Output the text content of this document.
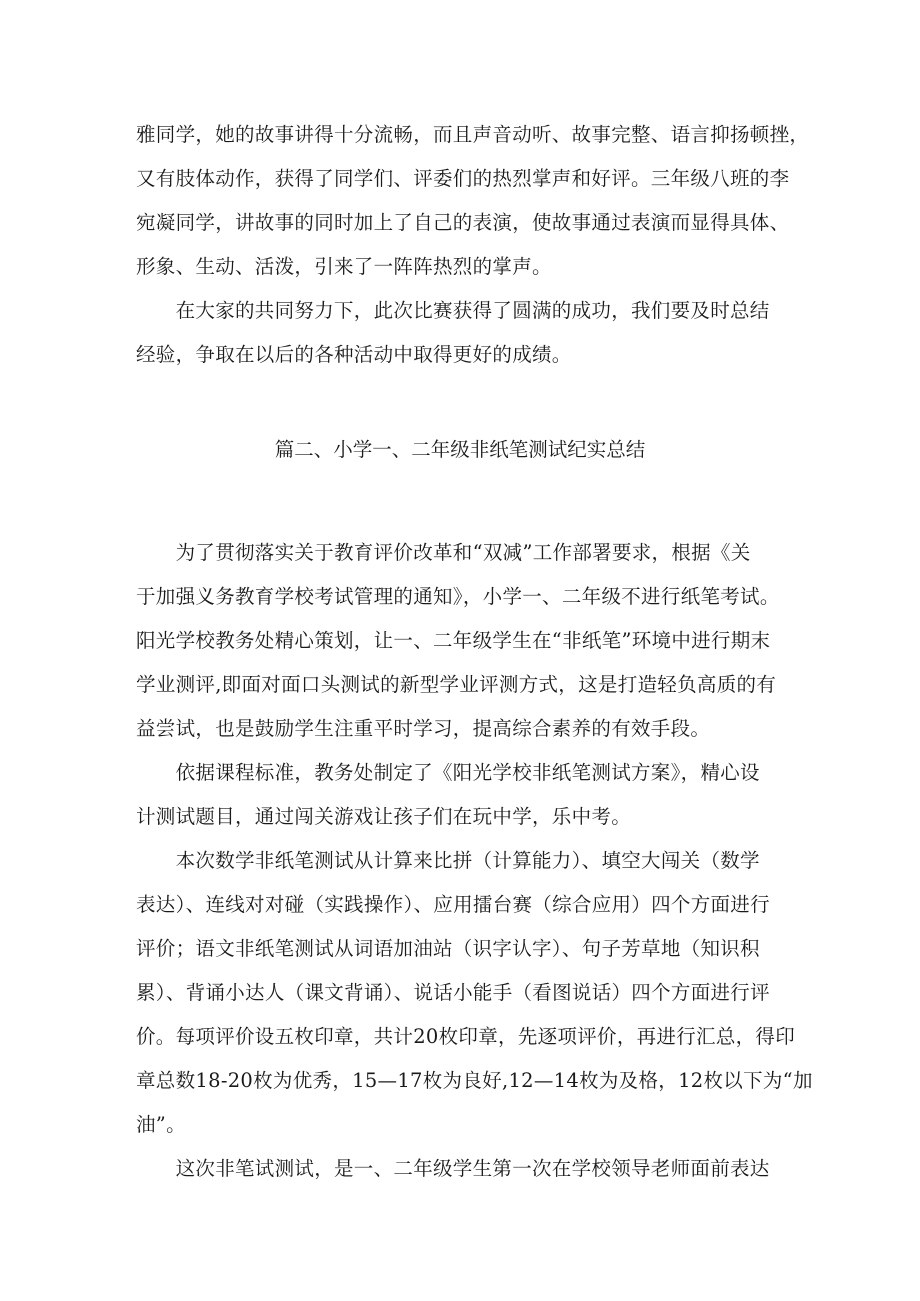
雅同学，她的故事讲得十分流畅，而且声音动听、故事完整、语言抑扬顿挫，
又有肢体动作，获得了同学们、评委们的热烈掌声和好评。三年级八班的李
宛凝同学，讲故事的同时加上了自己的表演，使故事通过表演而显得具体、
形象、生动、活泼，引来了一阵阵热烈的掌声。
　　在大家的共同努力下，此次比赛获得了圆满的成功，我们要及时总结
经验，争取在以后的各种活动中取得更好的成绩。
篇二、小学一、二年级非纸笔测试纪实总结
　　为了贯彻落实关于教育评价改革和“双减”工作部署要求，根据《关
于加强义务教育学校考试管理的通知》，小学一、二年级不进行纸笔考试。
阳光学校教务处精心策划，让一、二年级学生在“非纸笔”环境中进行期末
学业测评,即面对面口头测试的新型学业评测方式，这是打造轻负高质的有
益尝试，也是鼓励学生注重平时学习，提高综合素养的有效手段。
　　依据课程标准，教务处制定了《阳光学校非纸笔测试方案》，精心设
计测试题目，通过闯关游戏让孩子们在玩中学，乐中考。
　　本次数学非纸笔测试从计算来比拼（计算能力）、填空大闯关（数学
表达）、连线对对碰（实践操作）、应用擂台赛（综合应用）四个方面进行
评价；语文非纸笔测试从词语加油站（识字认字）、句子芳草地（知识积
累）、背诵小达人（课文背诵）、说话小能手（看图说话）四个方面进行评
价。每项评价设五枚印章，共计20枚印章，先逐项评价，再进行汇总，得印
章总数18-20枚为优秀，15—17枚为良好,12—14枚为及格，12枚以下为“加
油”。
　　这次非笔试测试，是一、二年级学生第一次在学校领导老师面前表达
